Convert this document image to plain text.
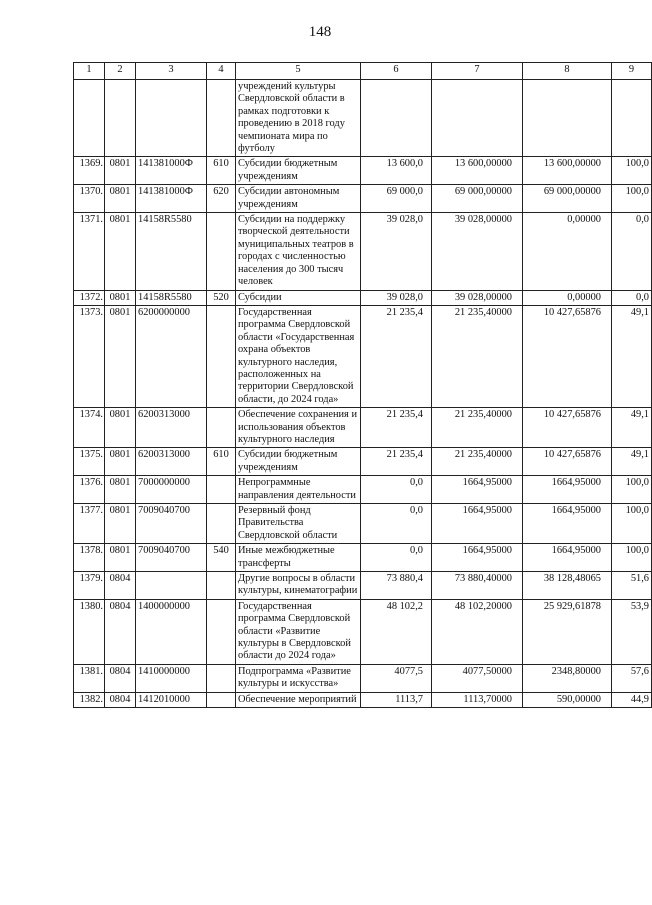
148
1	2	3	4	5	6	7	8	9
				учреждений культуры Свердловской области в рамках подготовки к проведению в 2018 году чемпионата мира по футболу				
1369.	0801	141381000Ф	610	Субсидии бюджетным учреждениям	13 600,0	13 600,00000	13 600,00000	100,0
1370.	0801	141381000Ф	620	Субсидии автономным учреждениям	69 000,0	69 000,00000	69 000,00000	100,0
1371.	0801	14158R5580		Субсидии на поддержку творческой деятельности муниципальных театров в городах с численностью населения до 300 тысяч человек	39 028,0	39 028,00000	0,00000	0,0
1372.	0801	14158R5580	520	Субсидии	39 028,0	39 028,00000	0,00000	0,0
1373.	0801	6200000000		Государственная программа Свердловской области «Государственная охрана объектов культурного наследия, расположенных на территории Свердловской области, до 2024 года»	21 235,4	21 235,40000	10 427,65876	49,1
1374.	0801	6200313000		Обеспечение сохранения и использования объектов культурного наследия	21 235,4	21 235,40000	10 427,65876	49,1
1375.	0801	6200313000	610	Субсидии бюджетным учреждениям	21 235,4	21 235,40000	10 427,65876	49,1
1376.	0801	7000000000		Непрограммные направления деятельности	0,0	1664,95000	1664,95000	100,0
1377.	0801	7009040700		Резервный фонд Правительства Свердловской области	0,0	1664,95000	1664,95000	100,0
1378.	0801	7009040700	540	Иные межбюджетные трансферты	0,0	1664,95000	1664,95000	100,0
1379.	0804			Другие вопросы в области культуры, кинематографии	73 880,4	73 880,40000	38 128,48065	51,6
1380.	0804	1400000000		Государственная программа Свердловской области «Развитие культуры в Свердловской области до 2024 года»	48 102,2	48 102,20000	25 929,61878	53,9
1381.	0804	1410000000		Подпрограмма «Развитие культуры и искусства»	4077,5	4077,50000	2348,80000	57,6
1382.	0804	1412010000		Обеспечение мероприятий	1113,7	1113,70000	590,00000	44,9
